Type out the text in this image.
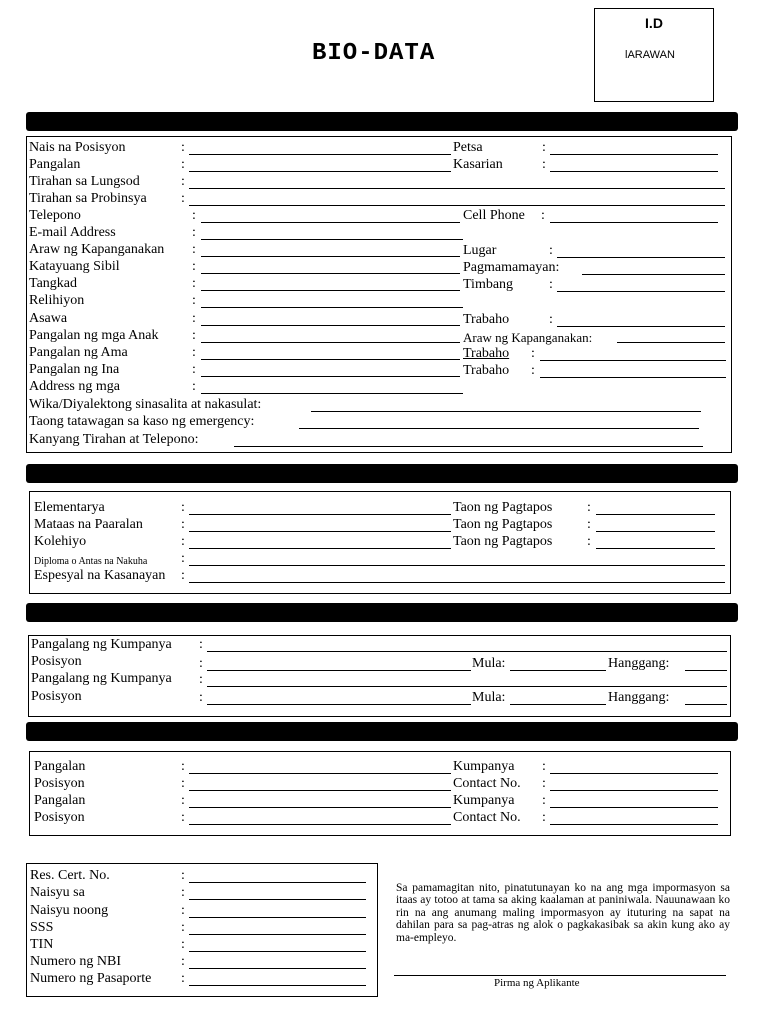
BIO-DATA
I.D
lARAWAN
Nais na Posisyon	:	Petsa	:
Pangalan	:	Kasarian	:
Tirahan sa Lungsod	:
Tirahan sa Probinsya :
Telepono	:	Cell Phone :
E-mail Address	:
Araw ng Kapanganakan :	Lugar	:
Katayuang Sibil	:	Pagmamamayan:
Tangkad	:	Timbang	:
Relihiyon	:
Asawa	:	Trabaho	:
Pangalan ng mga Anak :	Araw ng Kapanganakan:
Pangalan ng Ama	:	Trabaho :
Pangalan ng Ina	:	Trabaho :
Address ng mga	:
Wika/Diyalektong sinasalita at nakasulat:
Taong tatawagan sa kaso ng emergency:
Kanyang Tirahan at Telepono:
Elementarya	:	Taon ng Pagtapos :
Mataas na Paaralan	:	Taon ng Pagtapos :
Kolehiyo	:	Taon ng Pagtapos :
Diploma o Antas na Nakuha :
Espesyal na Kasanayan :
Pangalang ng Kumpanya :
Posisyon	:	Mula:	Hanggang:
Pangalang ng Kumpanya :
Posisyon	:	Mula:	Hanggang:
Pangalan	:	Kumpanya :
Posisyon	:	Contact No. :
Pangalan	:	Kumpanya :
Posisyon	:	Contact No. :
Res. Cert. No.	:
Naisyu sa	:
Naisyu noong	:
SSS	:
TIN	:
Numero ng NBI	:
Numero ng Pasaporte :
Sa pamamagitan nito, pinatutunayan ko na ang mga impormasyon sa itaas ay totoo at tama sa aking kaalaman at paniniwala. Nauunawaan ko rin na ang anumang maling impormasyon ay ituturing na sapat na dahilan para sa pag-atras ng alok o pagkakasibak sa akin kung ako ay ma-empleyo.
Pirma ng Aplikante
